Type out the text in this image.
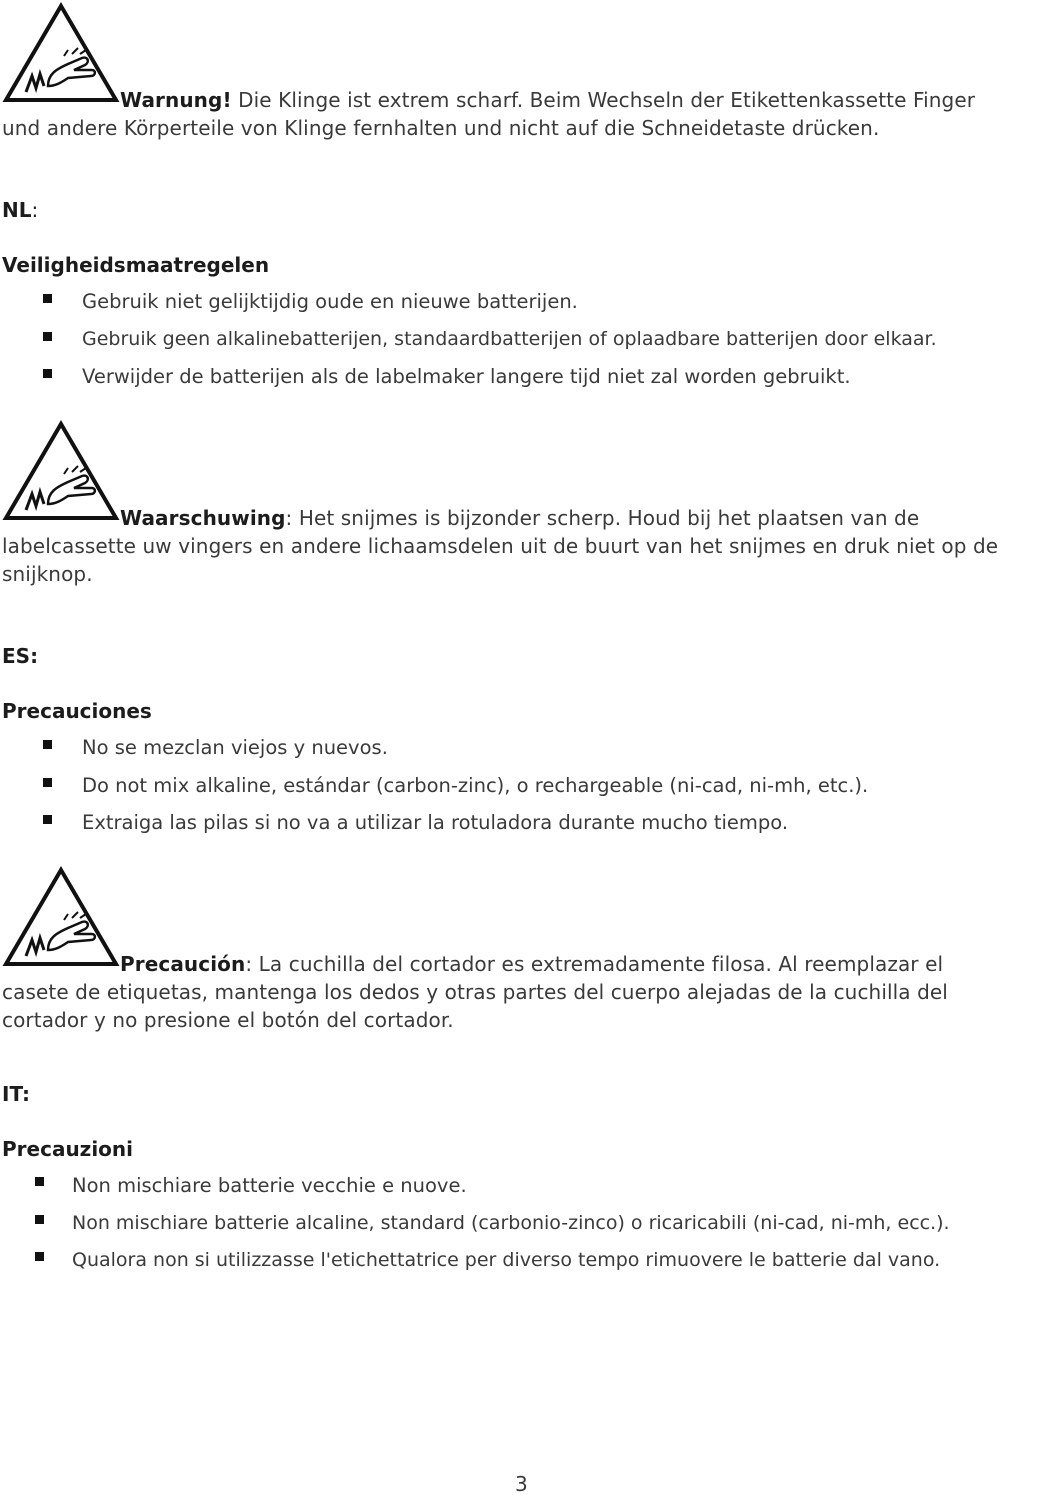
Warnung! Die Klinge ist extrem scharf. Beim Wechseln der Etikettenkassette Finger
und andere Körperteile von Klinge fernhalten und nicht auf die Schneidetaste drücken.
NL:
Veiligheidsmaatregelen
Gebruik niet gelijktijdig oude en nieuwe batterijen.
Gebruik geen alkalinebatterijen, standaardbatterijen of oplaadbare batterijen door elkaar.
Verwijder de batterijen als de labelmaker langere tijd niet zal worden gebruikt.
Waarschuwing: Het snijmes is bijzonder scherp. Houd bij het plaatsen van de
labelcassette uw vingers en andere lichaamsdelen uit de buurt van het snijmes en druk niet op de snijknop.
ES:
Precauciones
No se mezclan viejos y nuevos.
Do not mix alkaline, estándar (carbon-zinc), o rechargeable (ni-cad, ni-mh, etc.).
Extraiga las pilas si no va a utilizar la rotuladora durante mucho tiempo.
Precaución: La cuchilla del cortador es extremadamente filosa. Al reemplazar el
casete de etiquetas, mantenga los dedos y otras partes del cuerpo alejadas de la cuchilla del cortador y no presione el botón del cortador.
IT:
Precauzioni
Non mischiare batterie vecchie e nuove.
Non mischiare batterie alcaline, standard (carbonio-zinco) o ricaricabili (ni-cad, ni-mh, ecc.).
Qualora non si utilizzasse l'etichettatrice per diverso tempo rimuovere le batterie dal vano.
3
